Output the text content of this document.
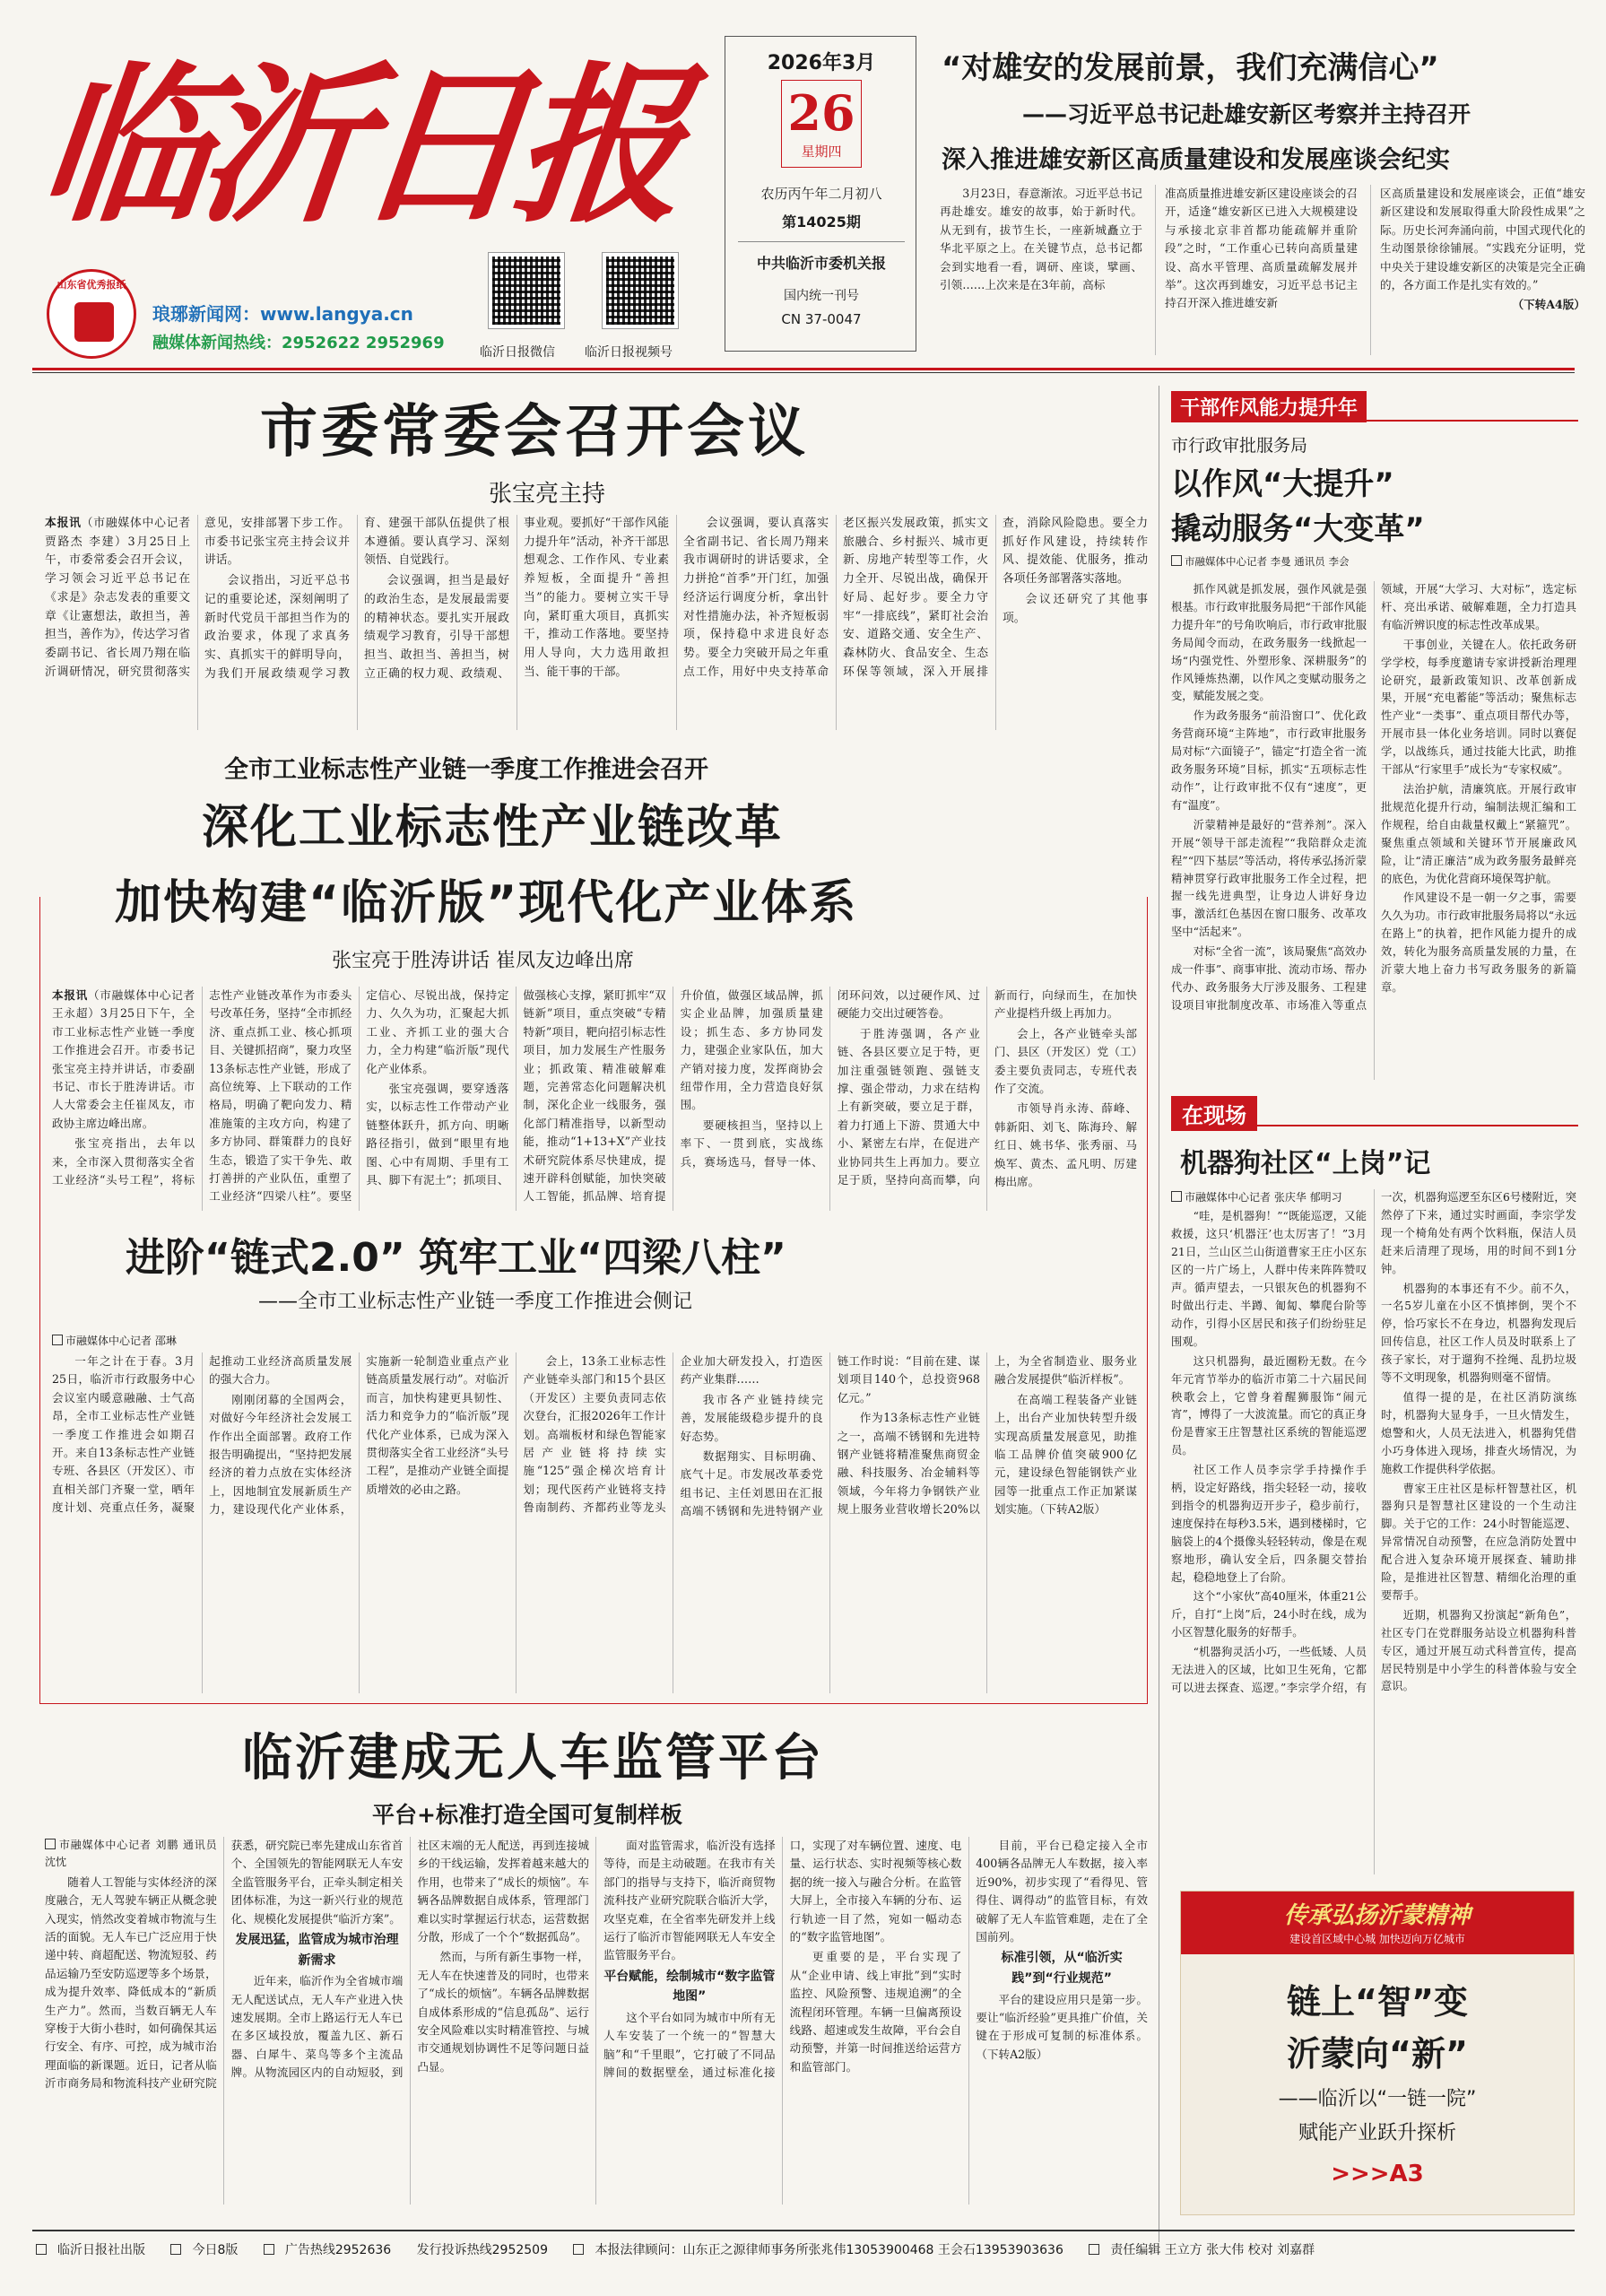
临沂日报
山东省优秀报纸
琅琊新闻网：www.langya.cn
融媒体新闻热线：2952622 2952969	临沂日报微信 临沂日报视频号
2026年3月
26
星期四
农历丙午年二月初八
第14025期
中共临沂市委机关报
国内统一刊号
CN 37-0047
“对雄安的发展前景，我们充满信心”
——习近平总书记赴雄安新区考察并主持召开
深入推进雄安新区高质量建设和发展座谈会纪实

3月23日，春意渐浓。习近平总书记再赴雄安。雄安的故事，始于新时代。从无到有，拔节生长，一座新城矗立于华北平原之上。在关键节点，总书记都会到实地看一看，调研、座谈，擘画、引领……上次来是在3年前，高标

准高质量推进雄安新区建设座谈会的召开，适逢“雄安新区已进入大规模建设与承接北京非首都功能疏解并重阶段”之时，“工作重心已转向高质量建设、高水平管理、高质量疏解发展并举”。这次再到雄安，习近平总书记主持召开深入推进雄安新

区高质量建设和发展座谈会，正值“雄安新区建设和发展取得重大阶段性成果”之际。历史长河奔涌向前，中国式现代化的生动图景徐徐铺展。“实践充分证明，党中央关于建设雄安新区的决策是完全正确的，各方面工作是扎实有效的。”

（下转A4版）

市委常委会召开会议
张宝亮主持

本报讯（市融媒体中心记者 贾路杰 李建）3月25日上午，市委常委会召开会议，学习领会习近平总书记在《求是》杂志发表的重要文章《让憲想法，敢担当，善担当，善作为》，传达学习省委副书记、省长周乃翔在临沂调研情况，研究贯彻落实意见，安排部署下步工作。市委书记张宝亮主持会议并讲话。

会议指出，习近平总书记的重要论述，深刻阐明了新时代党员干部担当作为的政治要求，体现了求真务实、真抓实干的鲜明导向，为我们开展政绩观学习教育、建强干部队伍提供了根本遵循。要认真学习、深刻领悟、自觉践行。

会议强调，担当是最好的政治生态，是发展最需要的精神状态。要扎实开展政绩观学习教育，引导干部想担当、敢担当、善担当，树立正确的权力观、政绩观、事业观。要抓好“干部作风能力提升年”活动，补齐干部思想观念、工作作风、专业素养短板，全面提升“善担当”的能力。要树立实干导向，紧盯重大项目，真抓实干，推动工作落地。要坚持用人导向，大力选用敢担当、能干事的干部。

会议强调，要认真落实全省副书记、省长周乃翔来我市调研时的讲话要求，全力拼抢“首季”开门红，加强经济运行调度分析，拿出针对性措施办法，补齐短板弱项，保持稳中求进良好态势。要全力突破开局之年重点工作，用好中央支持革命老区振兴发展政策，抓实文旅融合、乡村振兴、城市更新、房地产转型等工作，火力全开、尽锐出战，确保开好局、起好步。要全力守牢“一排底线”，紧盯社会治安、道路交通、安全生产、森林防火、食品安全、生态环保等领域，深入开展排查，消除风险隐患。要全力抓好作风建设，持续转作风、提效能、优服务，推动各项任务部署落实落地。

会议还研究了其他事项。

全市工业标志性产业链一季度工作推进会召开
深化工业标志性产业链改革
加快构建“临沂版”现代化产业体系
张宝亮于胜涛讲话 崔凤友边峰出席

本报讯（市融媒体中心记者 王永超）3月25日下午，全市工业标志性产业链一季度工作推进会召开。市委书记张宝亮主持并讲话，市委副书记、市长于胜涛讲话。市人大常委会主任崔凤友，市政协主席边峰出席。

张宝亮指出，去年以来，全市深入贯彻落实全省工业经济“头号工程”，将标志性产业链改革作为市委头号改革任务，坚持“全市抓经济、重点抓工业、核心抓项目、关键抓招商”，聚力攻坚13条标志性产业链，形成了高位统筹、上下联动的工作格局，明确了靶向发力、精准施策的主攻方向，构建了多方协同、群策群力的良好生态，锻造了实干争先、敢打善拼的产业队伍，重塑了工业经济“四梁八柱”。要坚定信心、尽锐出战，保持定力、久久为功，汇聚起大抓工业、齐抓工业的强大合力，全力构建“临沂版”现代化产业体系。

张宝亮强调，要穿透落实，以标志性工作带动产业链整体跃升，抓方向、明晰路径指引，做到“眼里有地图、心中有周期、手里有工具、脚下有泥土”；抓项目、做强核心支撑，紧盯抓牢“双链新”项目，重点突破“专精特新”项目，靶向招引标志性项目，加力发展生产性服务业；抓政策、精准破解难题，完善常态化问题解决机制，深化企业一线服务，强化部门精准指导，以新型动能，推动“1+13+X”产业技术研究院体系尽快建成，提速开辟科创赋能，加快突破人工智能，抓品牌、培育提升价值，做强区域品牌，抓实企业品牌，加强质量建设；抓生态、多方协同发力，建强企业家队伍，加大产销对接力度，发挥商协会纽带作用，全力营造良好氛围。

要硬核担当，坚持以上率下、一贯到底，实战练兵，赛场选马，督导一体、闭环问效，以过硬作风、过硬能力交出过硬答卷。

于胜涛强调，各产业链、各县区要立足于特，更加注重强链领跑、强链支撑、强企带动，力求在结构上有新突破，要立足于群，着力打通上下游、贯通大中小、紧密左右岸，在促进产业协同共生上再加力。要立足于质，坚持向高而攀，向新而行，向绿而生，在加快产业提档升级上再加力。

会上，各产业链牵头部门、县区（开发区）党（工）委主要负责同志，专班代表作了交流。

市领导肖永涛、薛峰、韩新阳、刘飞、陈海玲、解红日、姚书华、张秀丽、马焕军、黄杰、孟凡明、厉建梅出席。

进阶“链式2.0” 筑牢工业“四梁八柱”
——全市工业标志性产业链一季度工作推进会侧记
市融媒体中心记者 邵琳

一年之计在于春。3月25日，临沂市行政服务中心会议室内暖意融融、士气高昂，全市工业标志性产业链一季度工作推进会如期召开。来自13条标志性产业链专班、各县区（开发区）、市直相关部门齐聚一堂，晒年度计划、亮重点任务，凝聚起推动工业经济高质量发展的强大合力。

刚刚闭幕的全国两会，对做好今年经济社会发展工作作出全面部署。政府工作报告明确提出，“坚持把发展经济的着力点放在实体经济上，因地制宜发展新质生产力，建设现代化产业体系，实施新一轮制造业重点产业链高质量发展行动”。对临沂而言，加快构建更具韧性、活力和竞争力的“临沂版”现代化产业体系，已成为深入贯彻落实全省工业经济“头号工程”，是推动产业链全面提质增效的必由之路。

会上，13条工业标志性产业链牵头部门和15个县区（开发区）主要负责同志依次登台，汇报2026年工作计划。高端板材和绿色智能家居产业链将持续实施“125”强企梯次培育计划；现代医药产业链将支持鲁南制药、齐都药业等龙头企业加大研发投入，打造医药产业集群……

我市各产业链持续完善，发展能级稳步提升的良好态势。

数据翔实、目标明确、底气十足。市发展改革委党组书记、主任刘恩田在汇报高端不锈钢和先进特钢产业链工作时说：“目前在建、谋划项目140个，总投资968亿元。”

作为13条标志性产业链之一，高端不锈钢和先进特钢产业链将精准聚焦商贸金融、科技服务、冶金辅料等领域，今年将力争钢铁产业规上服务业营收增长20%以上，为全省制造业、服务业融合发展提供“临沂样板”。

在高端工程装备产业链上，出台产业加快转型升级实现高质量发展意见，助推临工品牌价值突破900亿元，建设绿色智能钢铁产业园等一批重点工作正加紧谋划实施。（下转A2版）

临沂建成无人车监管平台
平台+标准打造全国可复制样板

市融媒体中心记者 刘鹏 通讯员 沈忱

随着人工智能与实体经济的深度融合，无人驾驶车辆正从概念驶入现实，悄然改变着城市物流与生活的面貌。无人车已广泛应用于快递中转、商超配送、物流短驳、药品运输乃至安防巡逻等多个场景，成为提升效率、降低成本的“新质生产力”。然而，当数百辆无人车穿梭于大街小巷时，如何确保其运行安全、有序、可控，成为城市治理面临的新课题。近日，记者从临沂市商务局和物流科技产业研究院获悉，研究院已率先建成山东省首个、全国领先的智能网联无人车安全监管服务平台，正牵头制定相关团体标准，为这一新兴行业的规范化、规模化发展提供“临沂方案”。

发展迅猛，监管成为城市治理新需求

近年来，临沂作为全省城市端无人配送试点，无人车产业进入快速发展期。全市上路运行无人车已在多区域投放，覆盖九区、新石器、白犀牛、菜鸟等多个主流品牌。从物流园区内的自动短驳，到社区末端的无人配送，再到连接城乡的干线运输，发挥着越来越大的作用，也带来了“成长的烦恼”。车辆各品牌数据自成体系，管理部门难以实时掌握运行状态，运营数据分散，形成了一个个“数据孤岛”。

然而，与所有新生事物一样，无人车在快速普及的同时，也带来了“成长的烦恼”。车辆各品牌数据自成体系形成的“信息孤岛”、运行安全风险难以实时精准管控、与城市交通规划协调性不足等问题日益凸显。

面对监管需求，临沂没有选择等待，而是主动破题。在我市有关部门的指导与支持下，临沂商贸物流科技产业研究院联合临沂大学，攻坚克难，在全省率先研发并上线运行了临沂市智能网联无人车安全监管服务平台。

平台赋能，绘制城市“数字监管地图”

这个平台如同为城市中所有无人车安装了一个统一的“智慧大脑”和“千里眼”，它打破了不同品牌间的数据壁垒，通过标准化接口，实现了对车辆位置、速度、电量、运行状态、实时视频等核心数据的统一接入与融合分析。在监管大屏上，全市接入车辆的分布、运行轨迹一目了然，宛如一幅动态的“数字监管地图”。

更重要的是，平台实现了从“企业申请、线上审批”到“实时监控、风险预警、违规追溯”的全流程闭环管理。车辆一旦偏离预设线路、超速或发生故障，平台会自动预警，并第一时间推送给运营方和监管部门。

目前，平台已稳定接入全市400辆各品牌无人车数据，接入率近90%，初步实现了“看得见、管得住、调得动”的监管目标，有效破解了无人车监管难题，走在了全国前列。

标准引领，从“临沂实践”到“行业规范”

平台的建设应用只是第一步。要让“临沂经验”更具推广价值，关键在于形成可复制的标准体系。（下转A2版）

干部作风能力提升年
市行政审批服务局
以作风“大提升”
撬动服务“大变革”
市融媒体中心记者 李曼 通讯员 李会

抓作风就是抓发展，强作风就是强根基。市行政审批服务局把“干部作风能力提升年”的号角吹响后，市行政审批服务局闻令而动，在政务服务一线掀起一场“内强党性、外塑形象、深耕服务”的作风锤炼热潮，以作风之变赋动服务之变，赋能发展之变。

作为政务服务“前沿窗口”、优化政务营商环境“主阵地”，市行政审批服务局对标“六面镜子”，锚定“打造全省一流政务服务环境”目标，抓实“五项标志性动作”，让行政审批不仅有“速度”，更有“温度”。

沂蒙精神是最好的“营养剂”。深入开展“领导干部走流程”“我陪群众走流程”“四下基层”等活动，将传承弘扬沂蒙精神贯穿行政审批服务工作全过程，把握一线先进典型，让身边人讲好身边事，激活红色基因在窗口服务、改革攻坚中“活起来”。

对标“全省一流”，该局聚焦“高效办成一件事”、商事审批、流动市场、帮办代办、政务服务大厅涉及服务、工程建设项目审批制度改革、市场准入等重点领域，开展“大学习、大对标”，选定标杆、亮出承诺、破解难题，全力打造具有临沂辨识度的标志性改革成果。

干事创业，关键在人。依托政务研学学校，每季度邀请专家讲授新治理理论研究，最新政策知识、改革创新成果，开展“充电蓄能”等活动；聚焦标志性产业“一类事”、重点项目帮代办等，开展市县一体化业务培训。同时以赛促学，以战练兵，通过技能大比武，助推干部从“行家里手”成长为“专家权威”。

法治护航，清廉筑底。开展行政审批规范化提升行动，编制法规汇编和工作规程，给自由裁量权戴上“紧箍咒”。聚焦重点领域和关键环节开展廉政风险，让“清正廉洁”成为政务服务最鲜亮的底色，为优化营商环境保驾护航。

作风建设不是一朝一夕之事，需要久久为功。市行政审批服务局将以“永远在路上”的执着，把作风能力提升的成效，转化为服务高质量发展的力量，在沂蒙大地上奋力书写政务服务的新篇章。

在现场
机器狗社区“上岗”记

市融媒体中心记者 张庆华 郁明习

“哇，是机器狗！”“既能巡逻，又能救援，这只‘机器汪’也太厉害了！”3月21日，兰山区兰山街道曹家王庄小区东区的一片广场上，人群中传来阵阵赞叹声。循声望去，一只银灰色的机器狗不时做出行走、半蹲、匍匐、攀爬台阶等动作，引得小区居民和孩子们纷纷驻足围观。

这只机器狗，最近圈粉无数。在今年元宵节举办的临沂市第二十六届民间秧歌会上，它曾身着醒狮服饰“闹元宵”，博得了一大波流量。而它的真正身份是曹家王庄智慧社区系统的智能巡逻员。

社区工作人员李宗学手持操作手柄，设定好路线，指尖轻轻一动，接收到指令的机器狗迈开步子，稳步前行，速度保持在每秒3.5米，遇到楼梯时，它脑袋上的4个摄像头轻轻转动，像是在观察地形，确认安全后，四条腿交替抬起，稳稳地登上了台阶。

这个“小家伙”高40厘米，体重21公斤，自打“上岗”后，24小时在线，成为小区智慧化服务的好帮手。

“机器狗灵活小巧，一些低矮、人员无法进入的区域，比如卫生死角，它都可以进去探查、巡逻。”李宗学介绍，有一次，机器狗巡逻至东区6号楼附近，突然停了下来，通过实时画面，李宗学发现一个椅角处有两个饮料瓶，保洁人员赶来后清理了现场，用的时间不到1分钟。

机器狗的本事还有不少。前不久，一名5岁儿童在小区不慎摔倒，哭个不停，恰巧家长不在身边，机器狗发现后回传信息，社区工作人员及时联系上了孩子家长，对于遛狗不拴绳、乱扔垃圾等不文明现象，机器狗则毫不留情。

值得一提的是，在社区消防演练时，机器狗大显身手，一旦火情发生，熄警和火，人员无法进入，机器狗凭借小巧身体进入现场，排查火场情况，为施救工作提供科学依据。

曹家王庄社区是标杆智慧社区，机器狗只是智慧社区建设的一个生动注脚。关于它的工作：24小时智能巡逻、异常情况自动预警，在应急消防处置中配合进入复杂环境开展探查、辅助排险，是推进社区智慧、精细化治理的重要帮手。

近期，机器狗又扮演起“新角色”，社区专门在党群服务站设立机器狗科普专区，通过开展互动式科普宣传，提高居民特别是中小学生的科普体验与安全意识。

传承弘扬沂蒙精神
建设首区域中心城 加快迈向万亿城市
链上“智”变
沂蒙向“新”
——临沂以“一链一院”
赋能产业跃升探析
>>>A3
临沂日报社出版	今日8版	广告热线2952636 发行投诉热线2952509	本报法律顾问：山东正之源律师事务所张兆伟13053900468 王会石13953903636	责任编辑 王立方 张大伟 校对 刘嘉群
